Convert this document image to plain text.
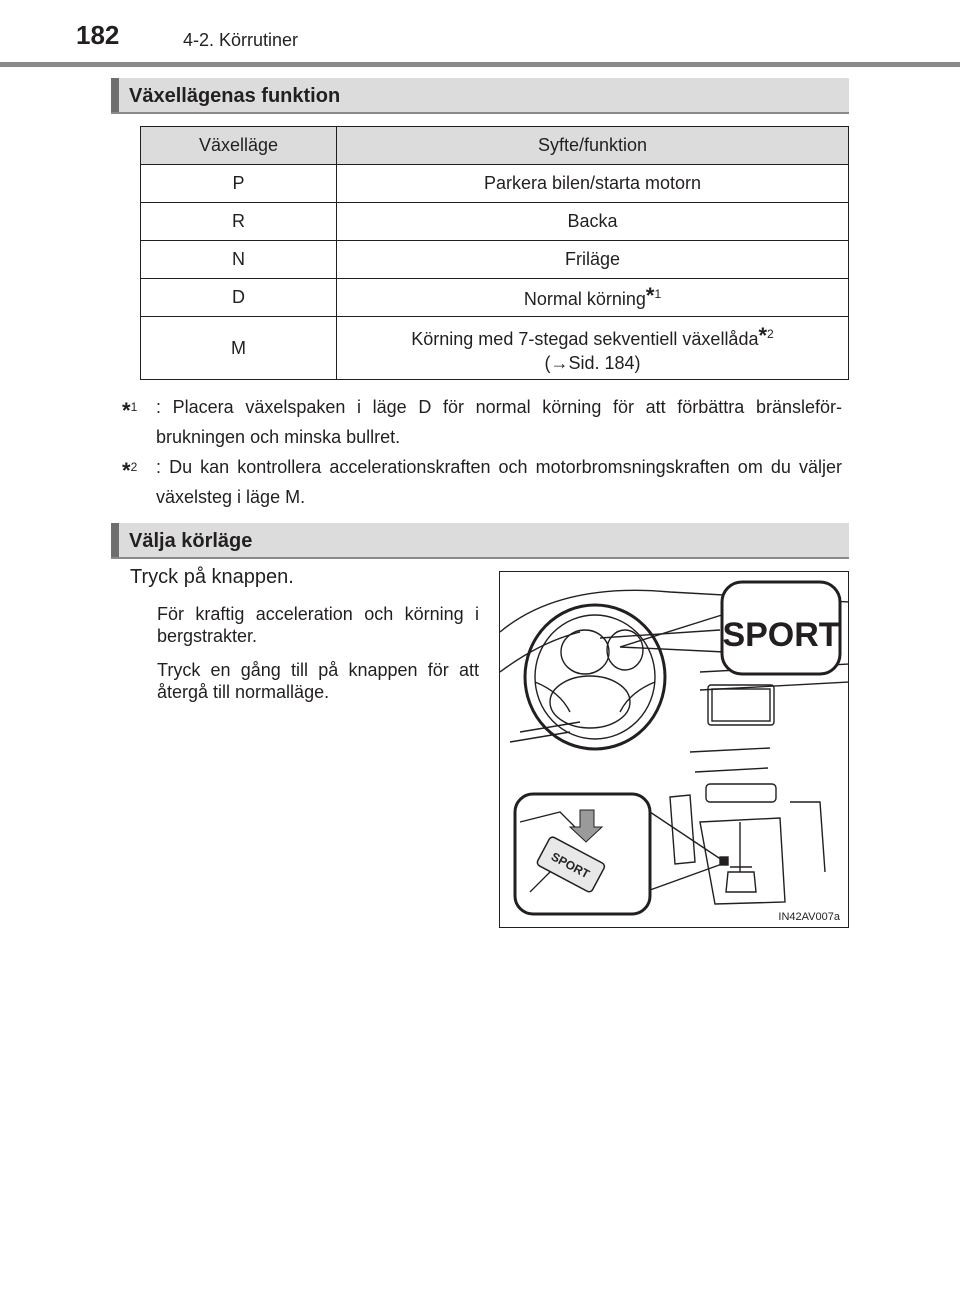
182	4-2. Körrutiner
Växellägenas funktion
Växelläge	Syfte/funktion
P	Parkera bilen/starta motorn
R	Backa
N	Friläge
D	Normal körning*$^1$
M	Körning med 7-stegad sekventiell växellåda*$^2$
(→Sid. 184)
*$^1$ : Placera växelspaken i läge D för normal körning för att förbättra bränsleför-brukningen och minska bullret.
*$^2$ : Du kan kontrollera accelerationskraften och motorbromsningskraften om du väljer växelsteg i läge M.
Välja körläge
Tryck på knappen.
För kraftig acceleration och körning i bergstrakter.
Tryck en gång till på knappen för att återgå till normalläge.
SPORT
SPORT
IN42AV007a
